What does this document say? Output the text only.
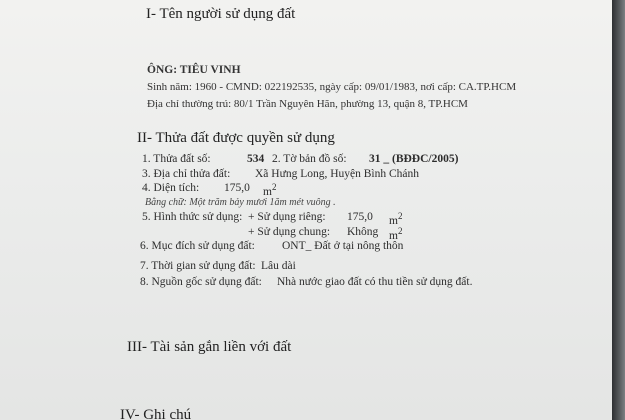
I- Tên người sử dụng đất
ÔNG: TIÊU VINH
Sinh năm: 1960 - CMND: 022192535, ngày cấp: 09/01/1983, nơi cấp: CA.TP.HCM
Địa chỉ thường trú: 80/1 Trần Nguyên Hãn, phường 13, quận 8, TP.HCM
II- Thửa đất được quyền sử dụng
1. Thửa đất số:	534 2. Tờ bản đồ số: 31 _ (BĐĐC/2005)
3. Địa chỉ thửa đất: Xã Hưng Long, Huyện Bình Chánh
4. Diện tích: 175,0 $m^2$
Bằng chữ: Một trăm bảy mươi 1ăm mét vuông .
5. Hình thức sử dụng: + Sử dụng riêng: 175,0 $m^2$
+ Sử dụng chung: Không $m^2$
6. Mục đích sử dụng đất: ONT_ Đất ở tại nông thôn
7. Thời gian sử dụng đất: Lâu dài
8. Nguồn gốc sử dụng đất: Nhà nước giao đất có thu tiền sử dụng đất.
III- Tài sản gắn liền với đất
IV- Ghi chú
